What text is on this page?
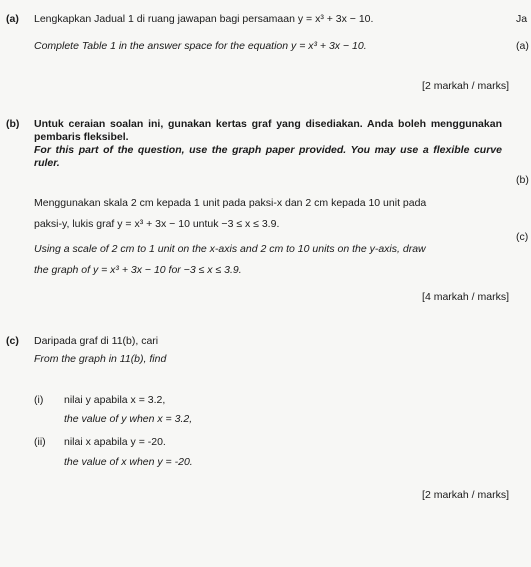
(a) Lengkapkan Jadual 1 di ruang jawapan bagi persamaan y = x³ + 3x − 10.
Complete Table 1 in the answer space for the equation y = x³ + 3x − 10.
[2 markah / marks]
(b) Untuk ceraian soalan ini, gunakan kertas graf yang disediakan. Anda boleh menggunakan pembaris fleksibel.
For this part of the question, use the graph paper provided. You may use a flexible curve ruler.
Menggunakan skala 2 cm kepada 1 unit pada paksi-x dan 2 cm kepada 10 unit pada
paksi-y, lukis graf y = x³ + 3x − 10 untuk −3 ≤ x ≤ 3.9.
Using a scale of 2 cm to 1 unit on the x-axis and 2 cm to 10 units on the y-axis, draw
the graph of y = x³ + 3x − 10 for −3 ≤ x ≤ 3.9.
[4 markah / marks]
(c) Daripada graf di 11(b), cari
From the graph in 11(b), find
(i) nilai y apabila x = 3.2,
the value of y when x = 3.2,
(ii) nilai x apabila y = -20.
the value of x when y = -20.
[2 markah / marks]
Ja
(a)
(b)
(c)
